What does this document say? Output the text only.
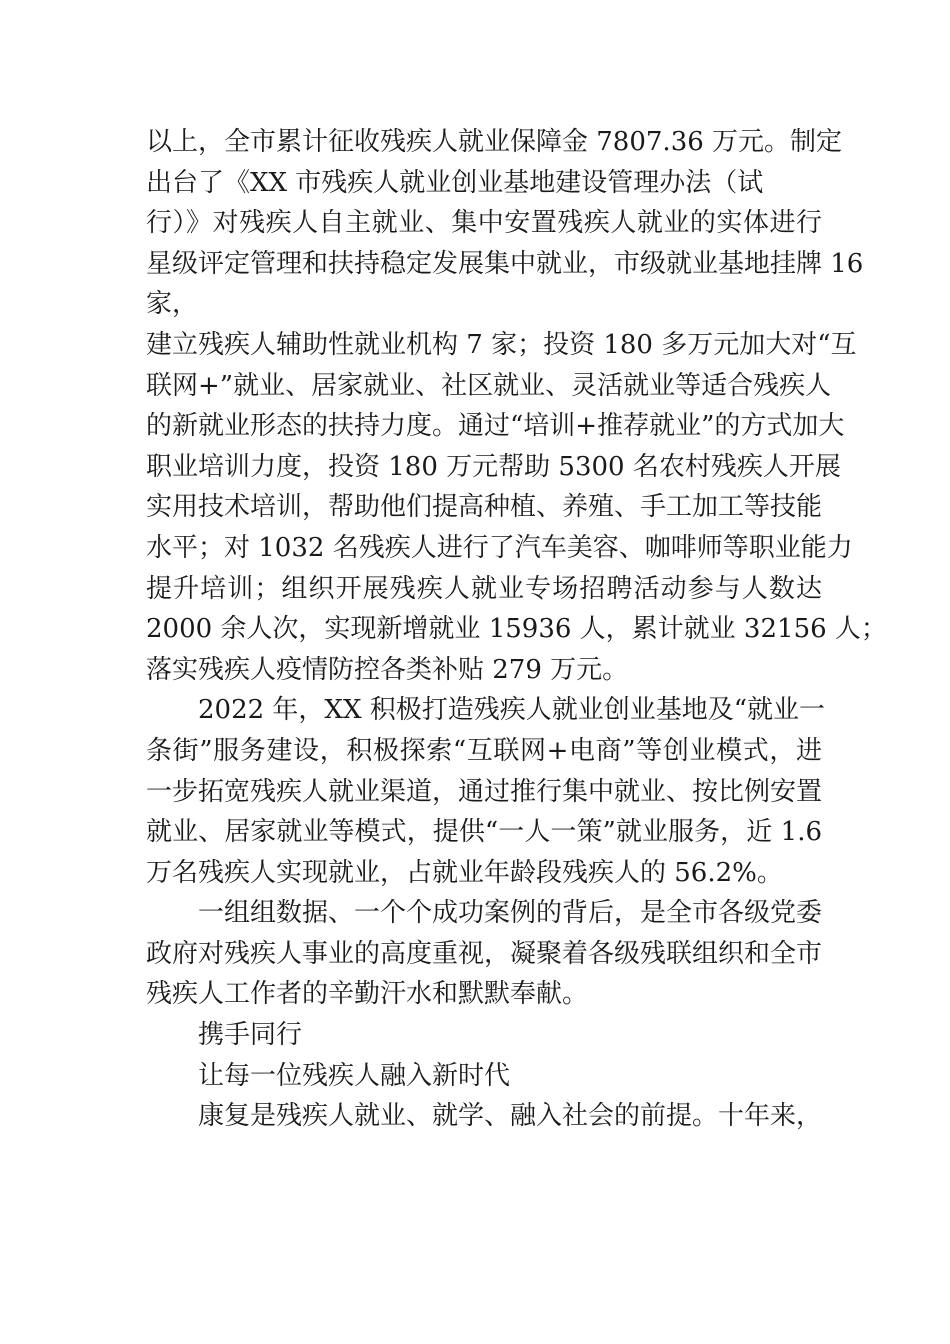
以上，全市累计征收残疾人就业保障金 7807.36 万元。制定
出台了《XX 市残疾人就业创业基地建设管理办法（试
行）》对残疾人自主就业、集中安置残疾人就业的实体进行
星级评定管理和扶持稳定发展集中就业，市级就业基地挂牌 16
家，
建立残疾人辅助性就业机构 7 家；投资 180 多万元加大对“互
联网+”就业、居家就业、社区就业、灵活就业等适合残疾人
的新就业形态的扶持力度。通过“培训+推荐就业”的方式加大
职业培训力度，投资 180 万元帮助 5300 名农村残疾人开展
实用技术培训，帮助他们提高种植、养殖、手工加工等技能
水平；对 1032 名残疾人进行了汽车美容、咖啡师等职业能力
提升培训；组织开展残疾人就业专场招聘活动参与人数达
2000 余人次，实现新增就业 15936 人，累计就业 32156 人；
落实残疾人疫情防控各类补贴 279 万元。
2022 年，XX 积极打造残疾人就业创业基地及“就业一
条街”服务建设，积极探索“互联网+电商”等创业模式，进
一步拓宽残疾人就业渠道，通过推行集中就业、按比例安置
就业、居家就业等模式，提供“一人一策”就业服务，近 1.6
万名残疾人实现就业，占就业年龄段残疾人的 56.2%。
一组组数据、一个个成功案例的背后，是全市各级党委
政府对残疾人事业的高度重视，凝聚着各级残联组织和全市
残疾人工作者的辛勤汗水和默默奉献。
携手同行
让每一位残疾人融入新时代
康复是残疾人就业、就学、融入社会的前提。十年来，
